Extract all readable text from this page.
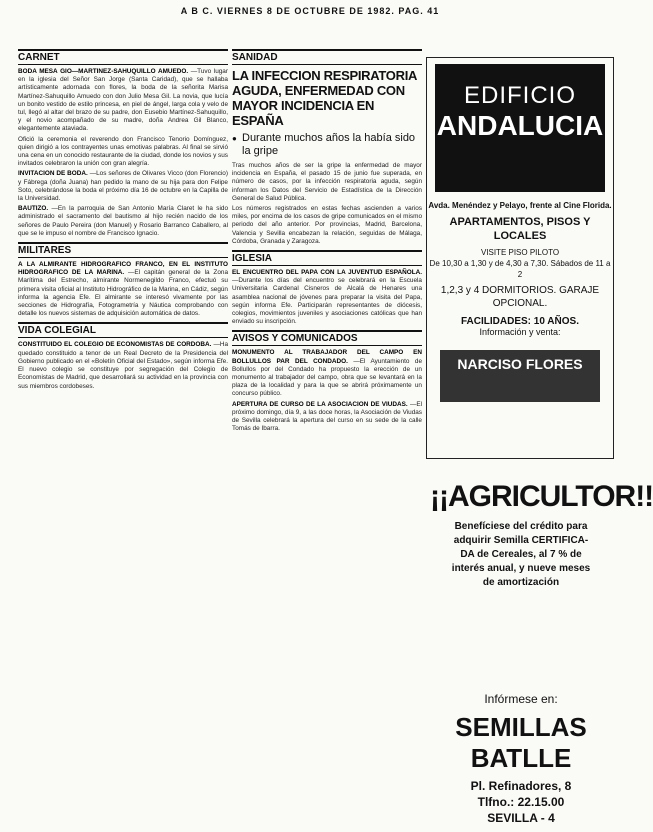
A B C. VIERNES 8 DE OCTUBRE DE 1982. PAG. 41
CARNET

BODA MESA GIO—MARTINEZ-SAHUQUILLO AMUEDO. —Tuvo lugar en la iglesia del Señor San Jorge (Santa Caridad), que se hallaba artísticamente adornada con flores, la boda de la señorita Marisa Martínez-Sahuquillo Amuedo con don Julio Mesa Gil. La novia, que lucía un bonito vestido de estilo princesa, en piel de ángel, larga cola y velo de tul, llegó al altar del brazo de su padre, don Eusebio Martínez-Sahuquillo, y el novio acompañado de su madre, doña Andrea Gil Blanco, elegantemente ataviada.

Ofició la ceremonia el reverendo don Francisco Tenorio Domínguez, quien dirigió a los contrayentes unas emotivas palabras. Al final se sirvió una cena en un conocido restaurante de la ciudad, donde los novios y sus invitados celebraron la unión con gran alegría.

INVITACION DE BODA. —Los señores de Olivares Vicco (don Florencio) y Fábrega (doña Juana) han pedido la mano de su hija para don Felipe Soto, celebrándose la boda el próximo día 16 de octubre en la Capilla de la Universidad.

BAUTIZO. —En la parroquia de San Antonio María Claret le ha sido administrado el sacramento del bautismo al hijo recién nacido de los señores de Paulo Pereira (don Manuel) y Rosario Barranco Caballero, al que se le impuso el nombre de Francisco Ignacio.

MILITARES

A LA ALMIRANTE HIDROGRAFICO FRANCO, EN EL INSTITUTO HIDROGRAFICO DE LA MARINA. —El capitán general de la Zona Marítima del Estrecho, almirante Normenegildo Franco, efectuó su primera visita oficial al Instituto Hidrográfico de la Marina, en Cádiz, según informa la agencia Efe. El almirante se interesó vivamente por las secciones de Hidrografía, Fotogrametría y Náutica comprobando con detalle los nuevos sistemas de adquisición automática de datos.

VIDA COLEGIAL

CONSTITUIDO EL COLEGIO DE ECONOMISTAS DE CORDOBA. —Ha quedado constituido a tenor de un Real Decreto de la Presidencia del Gobierno publicado en el «Boletín Oficial del Estado», según informa Efe. El nuevo colegio se constituye por segregación del Colegio de Economistas de Madrid, que desarrollará su actividad en la provincia con sus miembros cordobeses.

SANIDAD
LA INFECCION RESPIRATORIA AGUDA, ENFERMEDAD CON MAYOR INCIDENCIA EN ESPAÑA
● Durante muchos años la había sido la gripe

Tras muchos años de ser la gripe la enfermedad de mayor incidencia en España, el pasado 15 de junio fue superada, en número de casos, por la infección respiratoria aguda, según informan los Datos del Servicio de Estadística de la Dirección General de Salud Pública.

Los números registrados en estas fechas ascienden a varios miles, por encima de los casos de gripe comunicados en el mismo periodo del año anterior. Por provincias, Madrid, Barcelona, Valencia y Sevilla encabezan la relación, seguidas de Málaga, Córdoba, Granada y Zaragoza.

IGLESIA

EL ENCUENTRO DEL PAPA CON LA JUVENTUD ESPAÑOLA. —Durante los días del encuentro se celebrará en la Escuela Universitaria Cardenal Cisneros de Alcalá de Henares una asamblea nacional de jóvenes para preparar la visita del Papa, según informa Efe. Participarán representantes de diócesis, colegios, movimientos juveniles y asociaciones católicas que han enviado su inscripción.

AVISOS Y COMUNICADOS

MONUMENTO AL TRABAJADOR DEL CAMPO EN BOLLULLOS PAR DEL CONDADO. —El Ayuntamiento de Bollullos por del Condado ha propuesto la erección de un monumento al trabajador del campo, obra que se levantará en la plaza de la localidad y para la que se abrirá próximamente un concurso público.

APERTURA DE CURSO DE LA ASOCIACION DE VIUDAS. —El próximo domingo, día 9, a las doce horas, la Asociación de Viudas de Sevilla celebrará la apertura del curso en su sede de la calle Tomás de Ibarra.

EDIFICIO
ANDALUCIA

Avda. Menéndez y Pelayo, frente al Cine Florida.

APARTAMENTOS, PISOS Y LOCALES

VISITE PISO PILOTO

De 10,30 a 1,30 y de 4,30 a 7,30. Sábados de 11 a 2

1,2,3 y 4 DORMITORIOS. GARAJE OPCIONAL.

FACILIDADES: 10 AÑOS.

Información y venta:

NARCISO FLORES
¡¡AGRICULTOR!!

Benefíciese del crédito para

adquirir Semilla CERTIFICA-

DA de Cereales, al 7 % de

interés anual, y nueve meses

de amortización

Infórmese en:

SEMILLAS BATLLE

Pl. Refinadores, 8

Tlfno.: 22.15.00

SEVILLA - 4
